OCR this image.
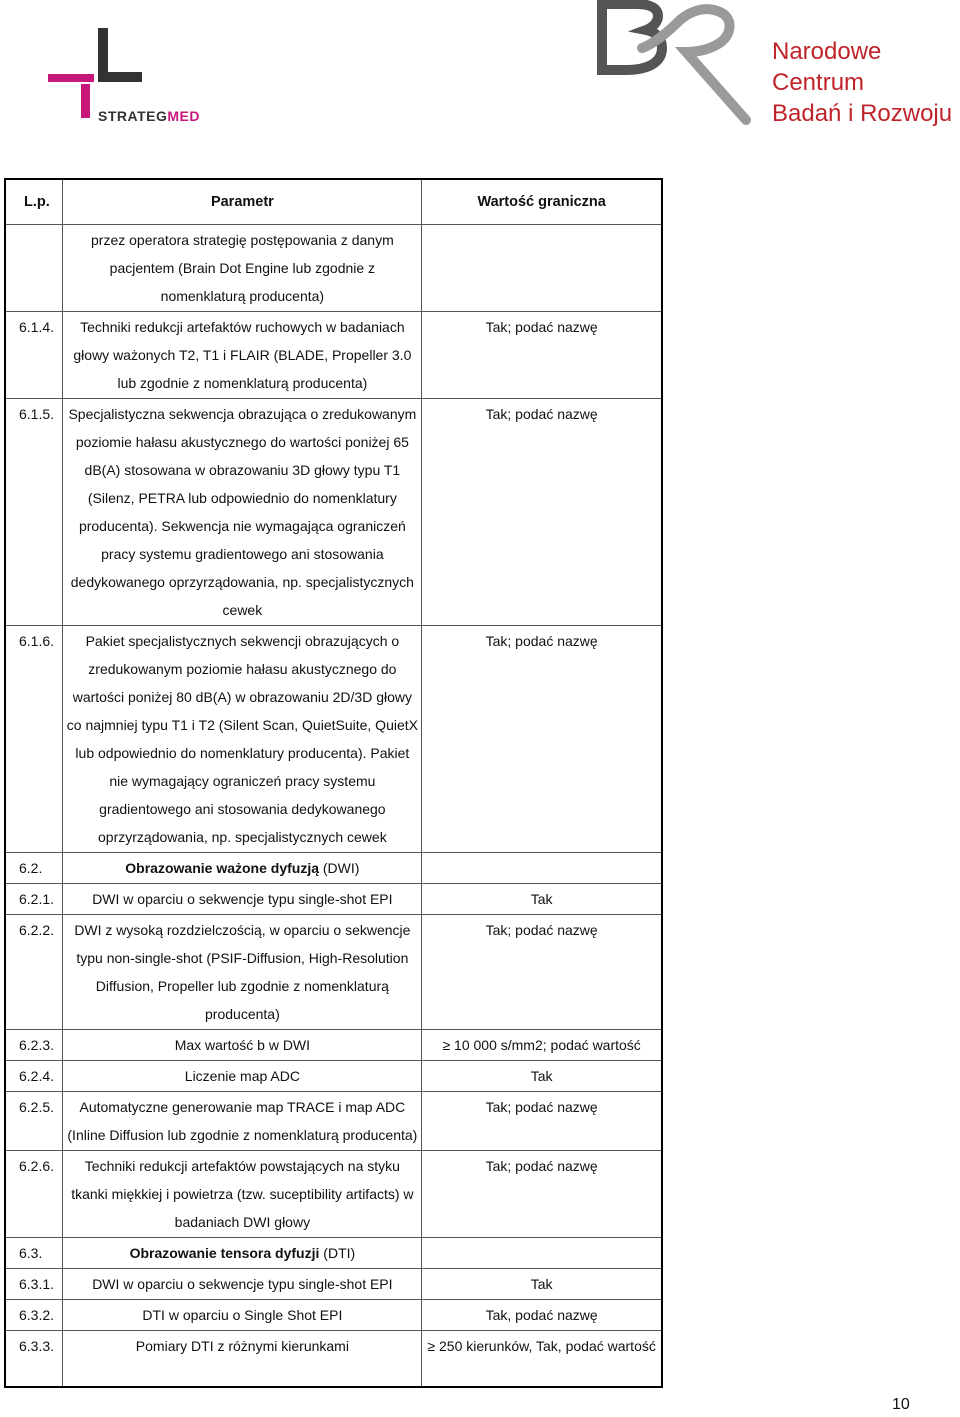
STRATEGMED
Narodowe Centrum
Badań i Rozwoju
L.p.	Parametr	Wartość graniczna
	przez operatora strategię postępowania z danym pacjentem (Brain Dot Engine lub zgodnie z nomenklaturą producenta)	
6.1.4.	Techniki redukcji artefaktów ruchowych w badaniach głowy ważonych T2, T1 i FLAIR (BLADE, Propeller 3.0 lub zgodnie z nomenklaturą producenta)	Tak; podać nazwę
6.1.5.	Specjalistyczna sekwencja obrazująca o zredukowanym poziomie hałasu akustycznego do wartości poniżej 65 dB(A) stosowana w obrazowaniu 3D głowy typu T1 (Silenz, PETRA lub odpowiednio do nomenklatury producenta). Sekwencja nie wymagająca ograniczeń pracy systemu gradientowego ani stosowania dedykowanego oprzyrządowania, np. specjalistycznych cewek	Tak; podać nazwę
6.1.6.	Pakiet specjalistycznych sekwencji obrazujących o zredukowanym poziomie hałasu akustycznego do wartości poniżej 80 dB(A) w obrazowaniu 2D/3D głowy co najmniej typu T1 i T2 (Silent Scan, QuietSuite, QuietX lub odpowiednio do nomenklatury producenta). Pakiet nie wymagający ograniczeń pracy systemu gradientowego ani stosowania dedykowanego oprzyrządowania, np. specjalistycznych cewek	Tak; podać nazwę
6.2.	Obrazowanie ważone dyfuzją (DWI)	
6.2.1.	DWI w oparciu o sekwencje typu single-shot EPI	Tak
6.2.2.	DWI z wysoką rozdzielczością, w oparciu o sekwencje typu non-single-shot (PSIF-Diffusion, High-Resolution Diffusion, Propeller lub zgodnie z nomenklaturą producenta)	Tak; podać nazwę
6.2.3.	Max wartość b w DWI	≥ 10 000 s/mm2; podać wartość
6.2.4.	Liczenie map ADC	Tak
6.2.5.	Automatyczne generowanie map TRACE i map ADC (Inline Diffusion lub zgodnie z nomenklaturą producenta)	Tak; podać nazwę
6.2.6.	Techniki redukcji artefaktów powstających na styku tkanki miękkiej i powietrza (tzw. suceptibility artifacts) w badaniach DWI głowy	Tak; podać nazwę
6.3.	Obrazowanie tensora dyfuzji (DTI)	
6.3.1.	DWI w oparciu o sekwencje typu single-shot EPI	Tak
6.3.2.	DTI w oparciu o Single Shot EPI	Tak, podać nazwę
6.3.3.	Pomiary DTI z różnymi kierunkami	≥ 250 kierunków, Tak, podać wartość
10
